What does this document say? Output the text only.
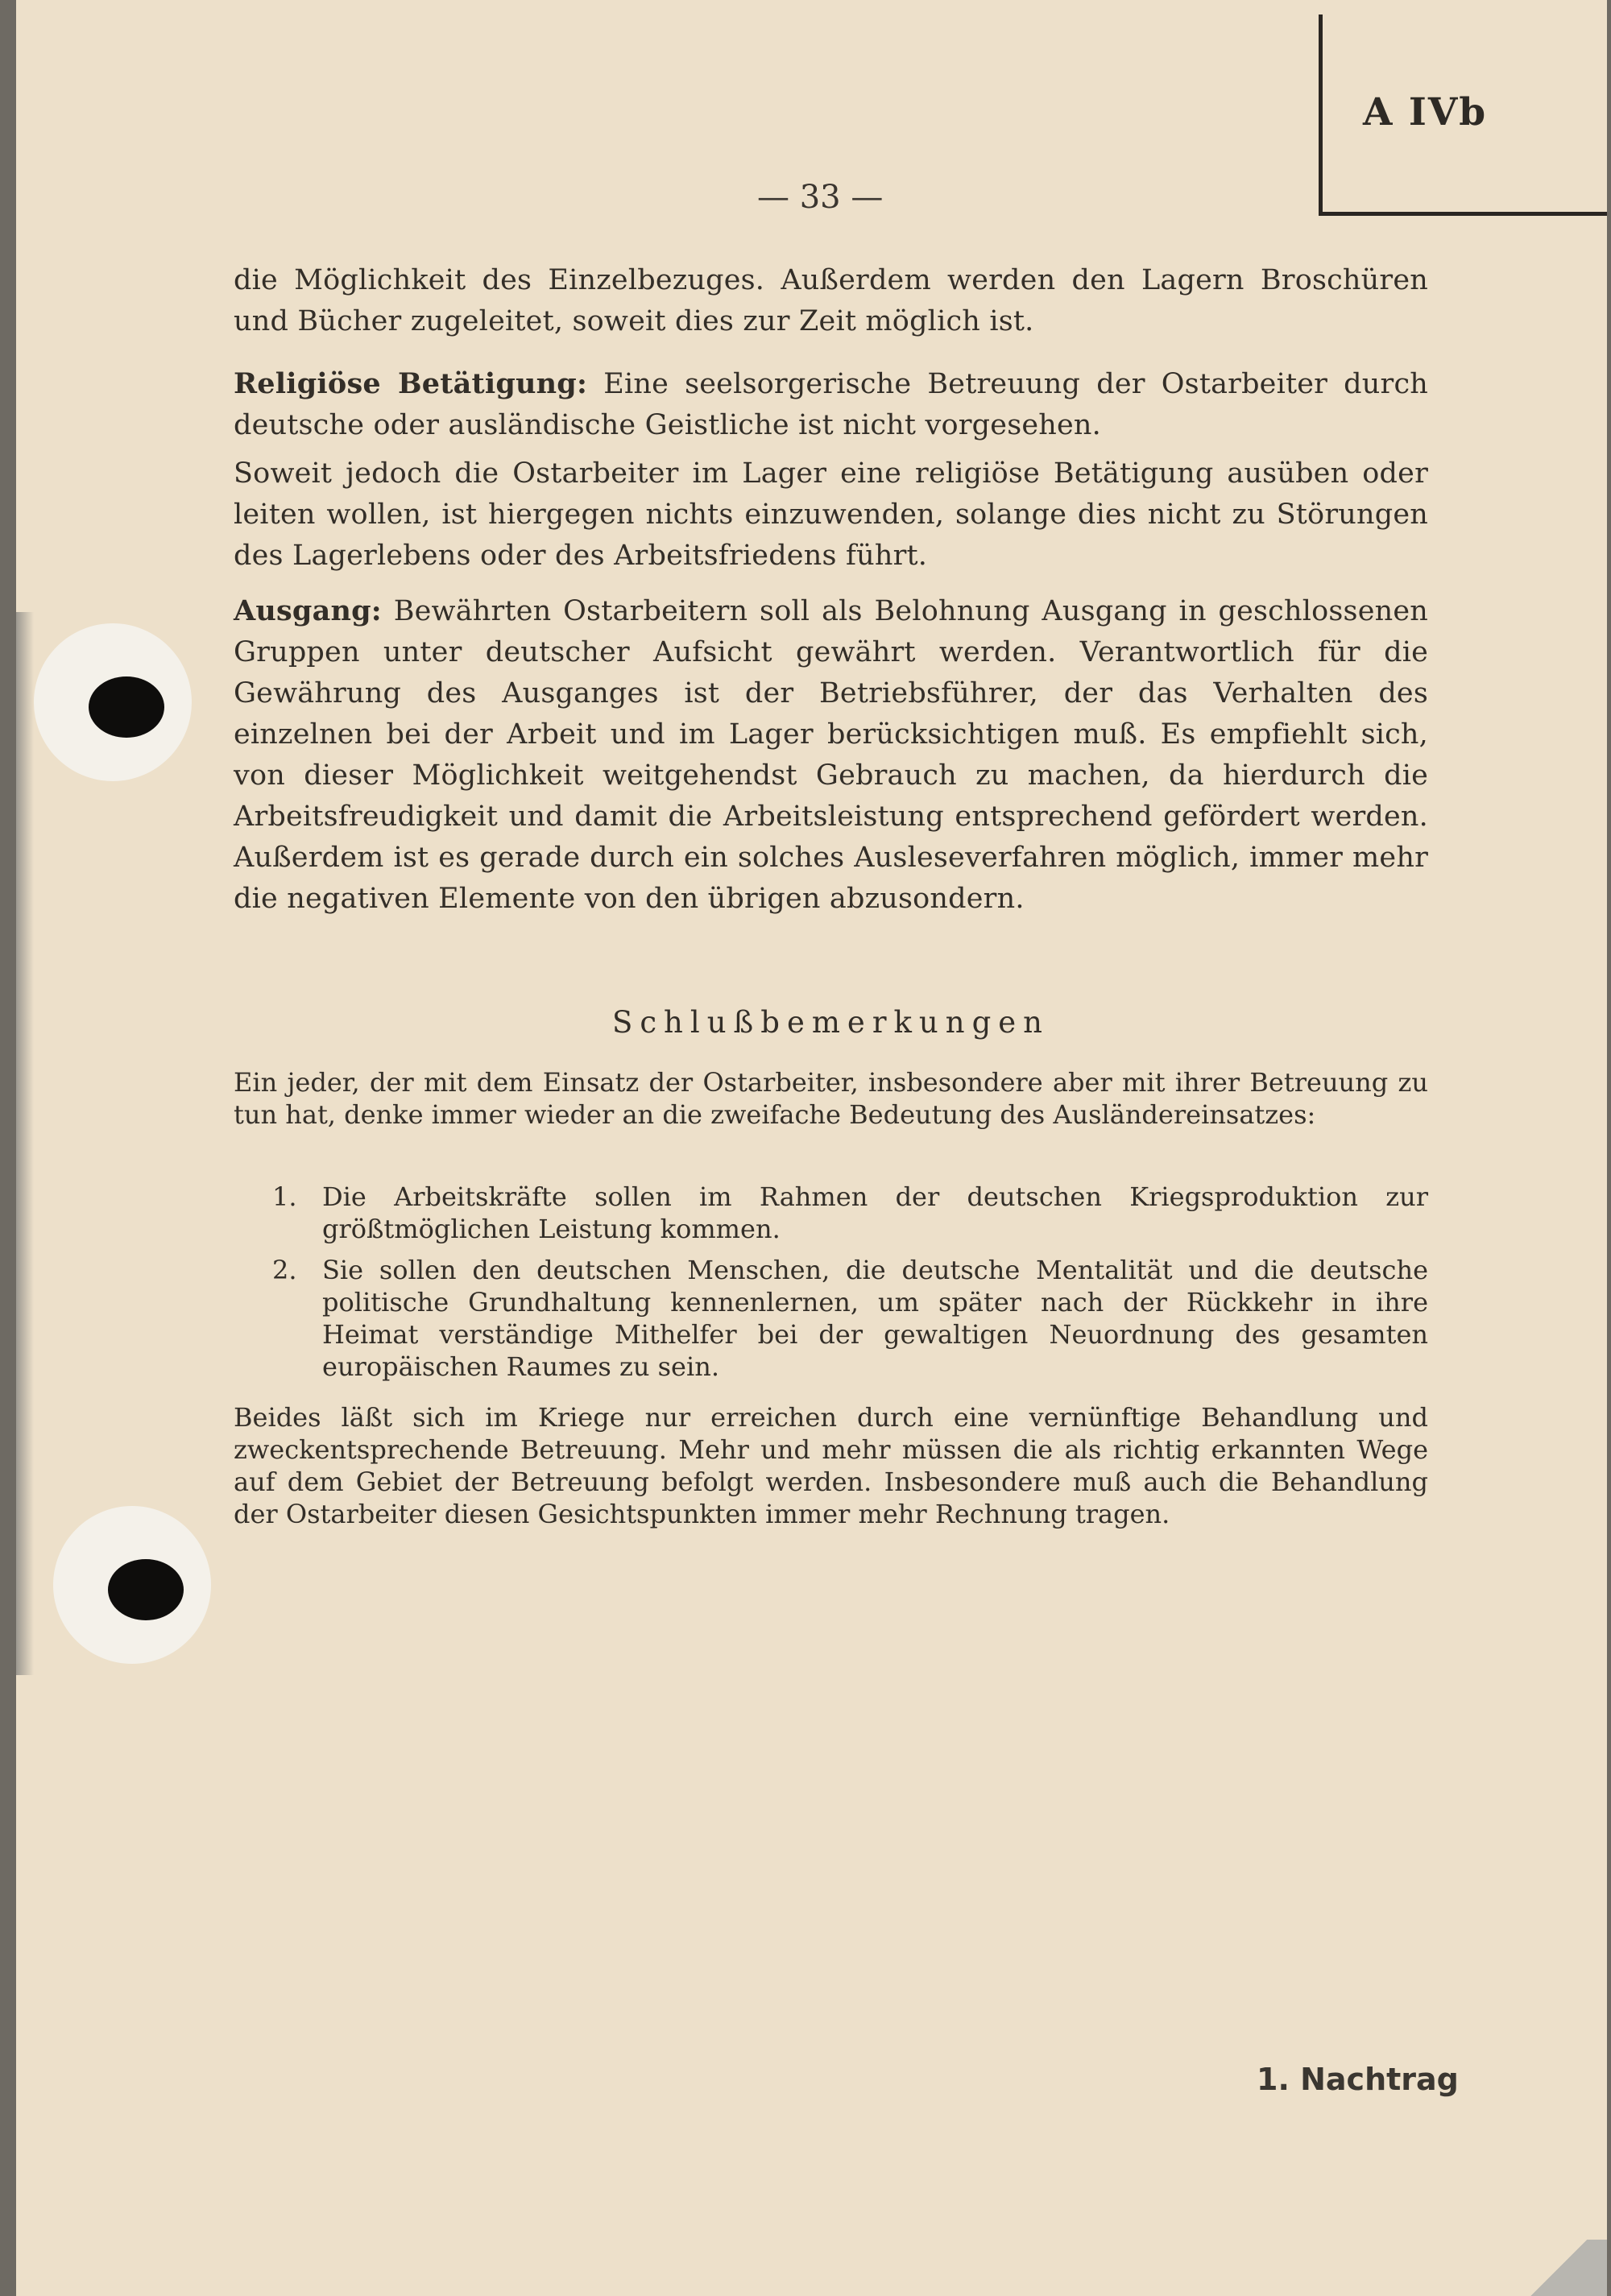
A IVb
— 33 —

die Möglichkeit des Einzelbezuges. Außerdem werden den Lagern Broschüren und Bücher zugeleitet, soweit dies zur Zeit möglich ist.

Religiöse Betätigung: Eine seelsorgerische Betreuung der Ostarbeiter durch deutsche oder ausländische Geistliche ist nicht vorgesehen.

Soweit jedoch die Ostarbeiter im Lager eine religiöse Betätigung ausüben oder leiten wollen, ist hiergegen nichts einzuwenden, solange dies nicht zu Störungen des Lagerlebens oder des Arbeitsfriedens führt.

Ausgang: Bewährten Ostarbeitern soll als Belohnung Ausgang in geschlossenen Gruppen unter deutscher Aufsicht gewährt werden. Verantwortlich für die Gewährung des Ausganges ist der Betriebsführer, der das Verhalten des einzelnen bei der Arbeit und im Lager berücksichtigen muß. Es empfiehlt sich, von dieser Möglichkeit weitgehendst Gebrauch zu machen, da hierdurch die Arbeitsfreudigkeit und damit die Arbeitsleistung entsprechend gefördert werden. Außerdem ist es gerade durch ein solches Ausleseverfahren möglich, immer mehr die negativen Elemente von den übrigen abzusondern.

Schlußbemerkungen

Ein jeder, der mit dem Einsatz der Ostarbeiter, insbesondere aber mit ihrer Betreuung zu tun hat, denke immer wieder an die zweifache Bedeutung des Ausländereinsatzes:

1. Die Arbeitskräfte sollen im Rahmen der deutschen Kriegsproduktion zur größtmöglichen Leistung kommen.
2. Sie sollen den deutschen Menschen, die deutsche Mentalität und die deutsche politische Grundhaltung kennenlernen, um später nach der Rückkehr in ihre Heimat verständige Mithelfer bei der gewaltigen Neuordnung des gesamten europäischen Raumes zu sein.

Beides läßt sich im Kriege nur erreichen durch eine vernünftige Behandlung und zweckentsprechende Betreuung. Mehr und mehr müssen die als richtig erkannten Wege auf dem Gebiet der Betreuung befolgt werden. Insbesondere muß auch die Behandlung der Ostarbeiter diesen Gesichtspunkten immer mehr Rechnung tragen.

1. Nachtrag
